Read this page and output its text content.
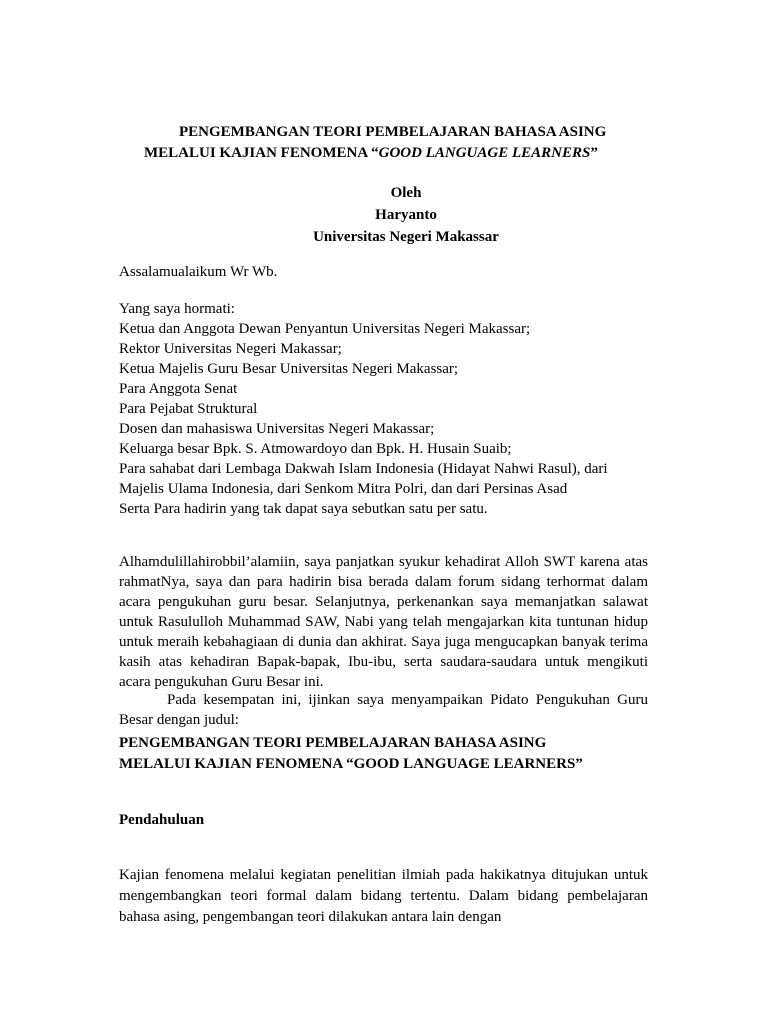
PENGEMBANGAN TEORI PEMBELAJARAN BAHASA ASING
MELALUI KAJIAN FENOMENA “GOOD LANGUAGE LEARNERS”
Oleh
Haryanto
Universitas Negeri Makassar
Assalamualaikum Wr Wb.
Yang saya hormati:
Ketua dan Anggota Dewan Penyantun Universitas Negeri Makassar;
Rektor Universitas Negeri Makassar;
Ketua Majelis Guru Besar Universitas Negeri Makassar;
Para Anggota Senat
Para Pejabat Struktural
Dosen dan mahasiswa Universitas Negeri Makassar;
Keluarga besar Bpk. S. Atmowardoyo dan Bpk. H. Husain Suaib;
Para sahabat dari Lembaga Dakwah Islam Indonesia (Hidayat Nahwi Rasul), dari
Majelis Ulama Indonesia, dari Senkom Mitra Polri, dan dari Persinas Asad
Serta Para hadirin yang tak dapat saya sebutkan satu per satu.

Alhamdulillahirobbil’alamiin, saya panjatkan syukur kehadirat Alloh SWT karena atas rahmatNya, saya dan para hadirin bisa berada dalam forum sidang terhormat dalam acara pengukuhan guru besar. Selanjutnya, perkenankan saya memanjatkan salawat untuk Rasululloh Muhammad SAW, Nabi yang telah mengajarkan kita tuntunan hidup untuk meraih kebahagiaan di dunia dan akhirat. Saya juga mengucapkan banyak terima kasih atas kehadiran Bapak-bapak, Ibu-ibu, serta saudara-saudara untuk mengikuti acara pengukuhan Guru Besar ini.

Pada kesempatan ini, ijinkan saya menyampaikan Pidato Pengukuhan Guru Besar dengan judul:

PENGEMBANGAN TEORI PEMBELAJARAN BAHASA ASING
MELALUI KAJIAN FENOMENA “GOOD LANGUAGE LEARNERS”
Pendahuluan

Kajian fenomena melalui kegiatan penelitian ilmiah pada hakikatnya ditujukan untuk mengembangkan teori formal dalam bidang tertentu. Dalam bidang pembelajaran bahasa asing, pengembangan teori dilakukan antara lain dengan
